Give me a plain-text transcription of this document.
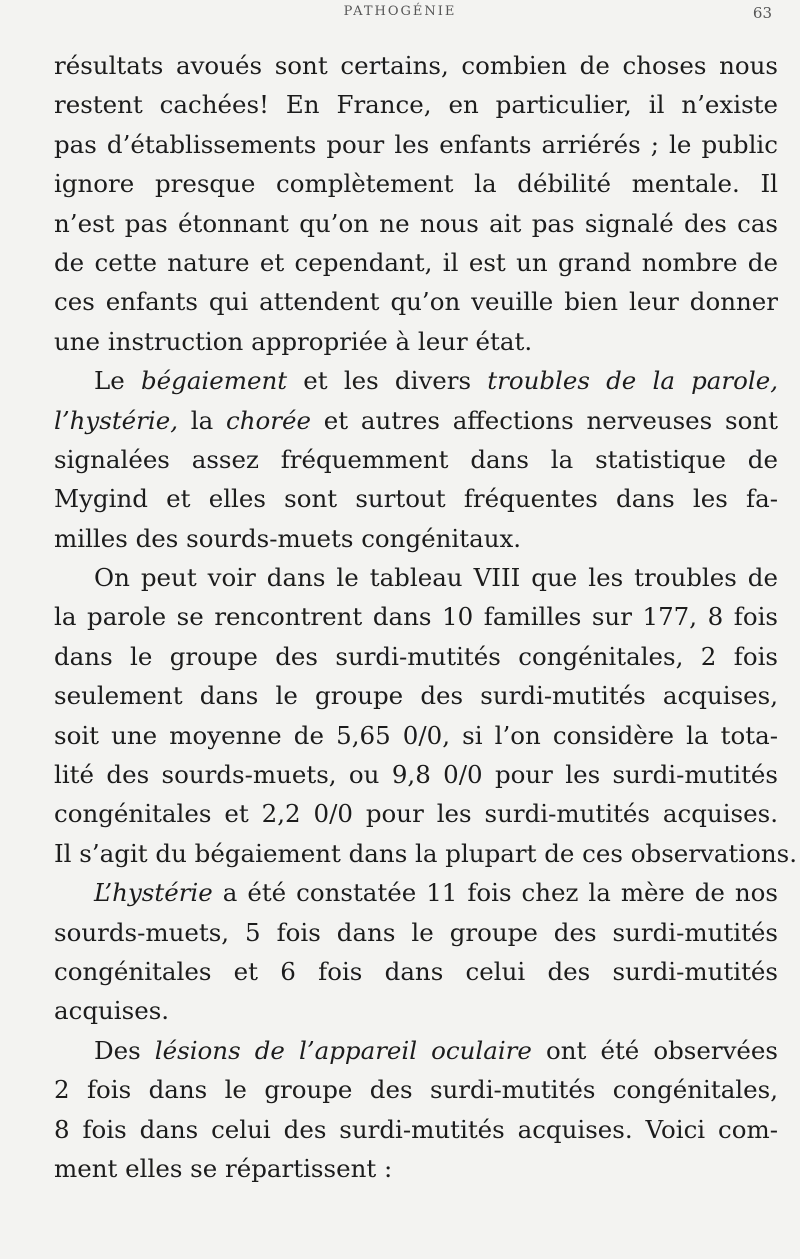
PATHOGÉNIE	63
résultats avoués sont certains, combien de choses nous
restent cachées! En France, en particulier, il n’existe
pas d’établissements pour les enfants arriérés ; le public
ignore presque complètement la débilité mentale. Il
n’est pas étonnant qu’on ne nous ait pas signalé des cas
de cette nature et cependant, il est un grand nombre de
ces enfants qui attendent qu’on veuille bien leur donner
une instruction appropriée à leur état.
Le bégaiement et les divers troubles de la parole,
l’hystérie, la chorée et autres affections nerveuses sont
signalées assez fréquemment dans la statistique de
Mygind et elles sont surtout fréquentes dans les fa-
milles des sourds-muets congénitaux.
On peut voir dans le tableau VIII que les troubles de
la parole se rencontrent dans 10 familles sur 177, 8 fois
dans le groupe des surdi-mutités congénitales, 2 fois
seulement dans le groupe des surdi-mutités acquises,
soit une moyenne de 5,65 0/0, si l’on considère la tota-
lité des sourds-muets, ou 9,8 0/0 pour les surdi-mutités
congénitales et 2,2 0/0 pour les surdi-mutités acquises.
Il s’agit du bégaiement dans la plupart de ces observations.
L’hystérie a été constatée 11 fois chez la mère de nos
sourds-muets, 5 fois dans le groupe des surdi-mutités
congénitales et 6 fois dans celui des surdi-mutités
acquises.
Des lésions de l’appareil oculaire ont été observées
2 fois dans le groupe des surdi-mutités congénitales,
8 fois dans celui des surdi-mutités acquises. Voici com-
ment elles se répartissent :
